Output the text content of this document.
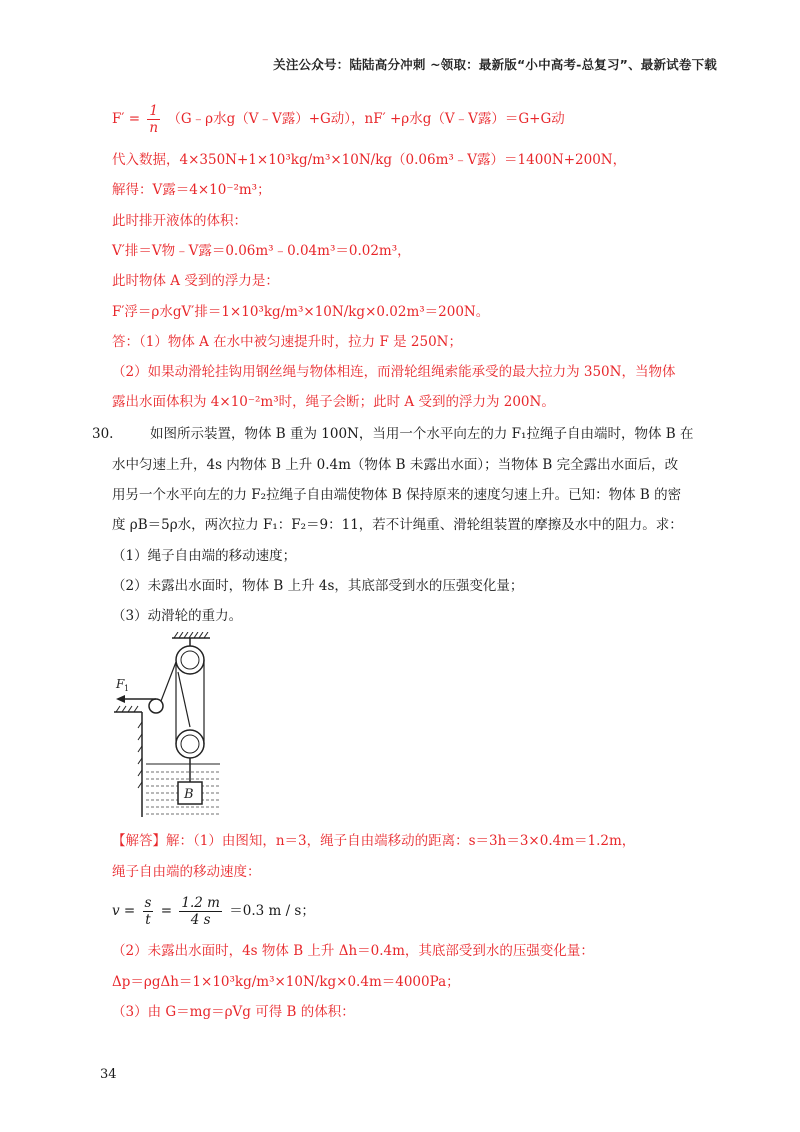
关注公众号：陆陆高分冲刺 ~领取：最新版“小中高考-总复习”、最新试卷下载
$F' = \frac{1}{n}$ （G﹣ρ水g（V﹣V露）+G动），nF′ +ρ水g（V﹣V露）＝G+G动
代入数据，4×350N+1×10³kg/m³×10N/kg（0.06m³﹣V露）＝1400N+200N，
解得：V露＝4×10⁻²m³；
此时排开液体的体积：
V′排＝V物﹣V露＝0.06m³﹣0.04m³＝0.02m³，
此时物体 A 受到的浮力是：
F′浮＝ρ水gV′排＝1×10³kg/m³×10N/kg×0.02m³＝200N。
答：（1）物体 A 在水中被匀速提升时，拉力 F 是 250N；
（2）如果动滑轮挂钩用钢丝绳与物体相连，而滑轮组绳索能承受的最大拉力为 350N，当物体
露出水面体积为 4×10⁻²m³时，绳子会断；此时 A 受到的浮力为 200N。
30.	如图所示装置，物体 B 重为 100N，当用一个水平向左的力 F₁拉绳子自由端时，物体 B 在
水中匀速上升，4s 内物体 B 上升 0.4m（物体 B 未露出水面）；当物体 B 完全露出水面后，改
用另一个水平向左的力 F₂拉绳子自由端使物体 B 保持原来的速度匀速上升。已知：物体 B 的密
度 ρB＝5ρ水，两次拉力 F₁：F₂＝9：11，若不计绳重、滑轮组装置的摩擦及水中的阻力。求：
（1）绳子自由端的移动速度；
（2）未露出水面时，物体 B 上升 4s，其底部受到水的压强变化量；
（3）动滑轮的重力。
F 1
B
【解答】解：（1）由图知，n＝3，绳子自由端移动的距离：s＝3h＝3×0.4m＝1.2m，
绳子自由端的移动速度：
$v = \frac{s}{t} = \frac{1.2 m}{4 s} =0.3$ m / s；
（2）未露出水面时，4s 物体 B 上升 Δh＝0.4m，其底部受到水的压强变化量：
Δp＝ρgΔh＝1×10³kg/m³×10N/kg×0.4m＝4000Pa；
（3）由 G＝mg＝ρVg 可得 B 的体积：
34
